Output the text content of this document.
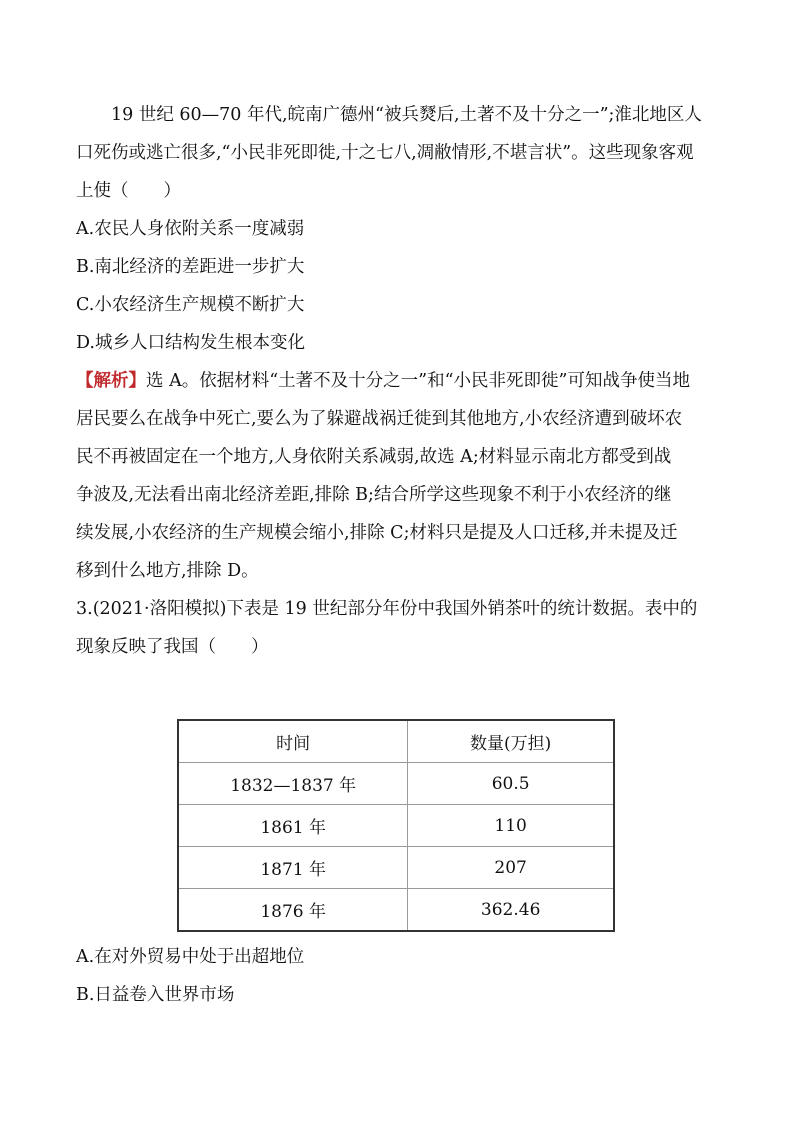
19 世纪 60—70 年代,皖南广德州“被兵燹后,土著不及十分之一”;淮北地区人
口死伤或逃亡很多,“小民非死即徙,十之七八,凋敝情形,不堪言状”。这些现象客观
上使（　　）
A.农民人身依附关系一度减弱
B.南北经济的差距进一步扩大
C.小农经济生产规模不断扩大
D.城乡人口结构发生根本变化
【解析】选 A。依据材料“土著不及十分之一”和“小民非死即徙”可知战争使当地
居民要么在战争中死亡,要么为了躲避战祸迁徙到其他地方,小农经济遭到破坏农
民不再被固定在一个地方,人身依附关系减弱,故选 A;材料显示南北方都受到战
争波及,无法看出南北经济差距,排除 B;结合所学这些现象不利于小农经济的继
续发展,小农经济的生产规模会缩小,排除 C;材料只是提及人口迁移,并未提及迁
移到什么地方,排除 D。
3.(2021·洛阳模拟)下表是 19 世纪部分年份中我国外销茶叶的统计数据。表中的
现象反映了我国（　　）
时间	数量(万担)
1832—1837 年	60.5
1861 年	110
1871 年	207
1876 年	362.46
A.在对外贸易中处于出超地位
B.日益卷入世界市场
